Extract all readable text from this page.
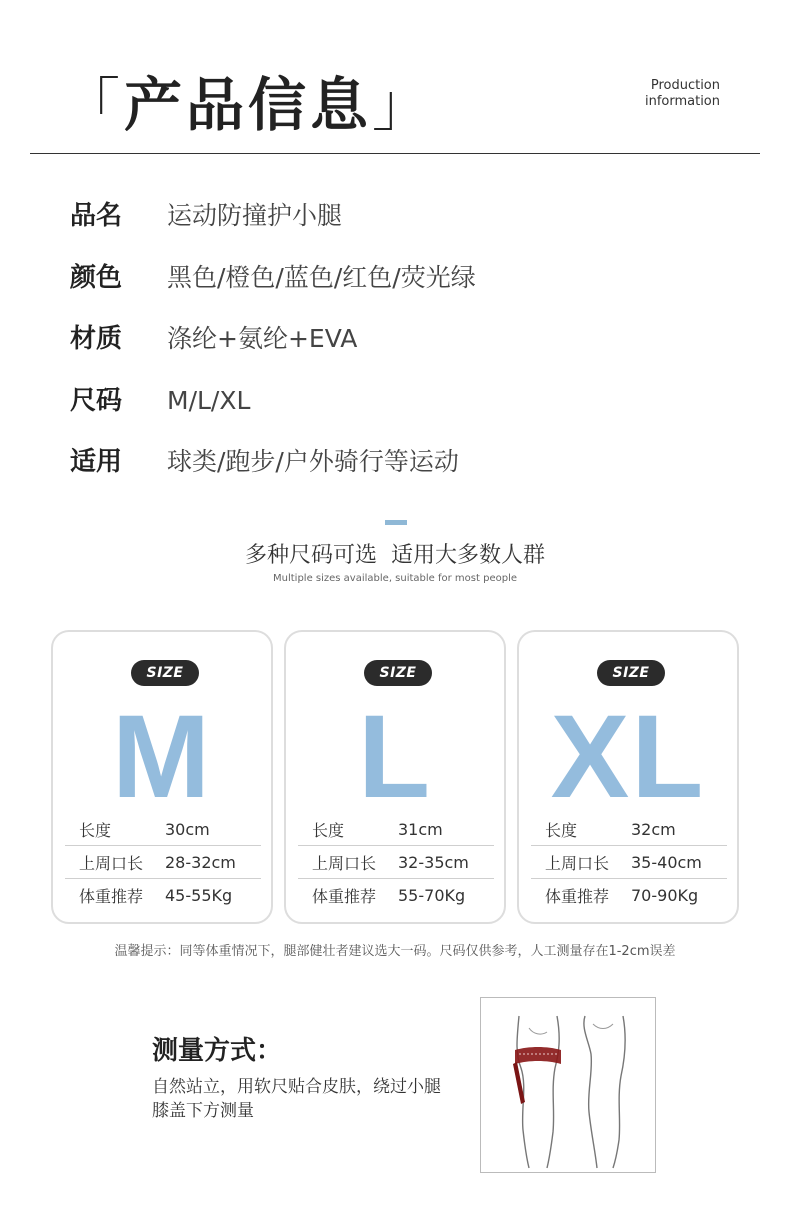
「产品信息」	Production
information
品名	运动防撞护小腿
颜色	黑色/橙色/蓝色/红色/荧光绿
材质	涤纶+氨纶+EVA
尺码	M/L/XL
适用	球类/跑步/户外骑行等运动
多种尺码可选  适用大多数人群
Multiple sizes available, suitable for most people
SIZE
M
长度	30cm
上周口长	28-32cm
体重推荐	45-55Kg
SIZE
L
长度	31cm
上周口长	32-35cm
体重推荐	55-70Kg
SIZE
XL
长度	32cm
上周口长	35-40cm
体重推荐	70-90Kg
温馨提示：同等体重情况下，腿部健壮者建议选大一码。尺码仅供参考，人工测量存在1-2cm误差
测量方式：
自然站立，用软尺贴合皮肤，绕过小腿膝盖下方测量
